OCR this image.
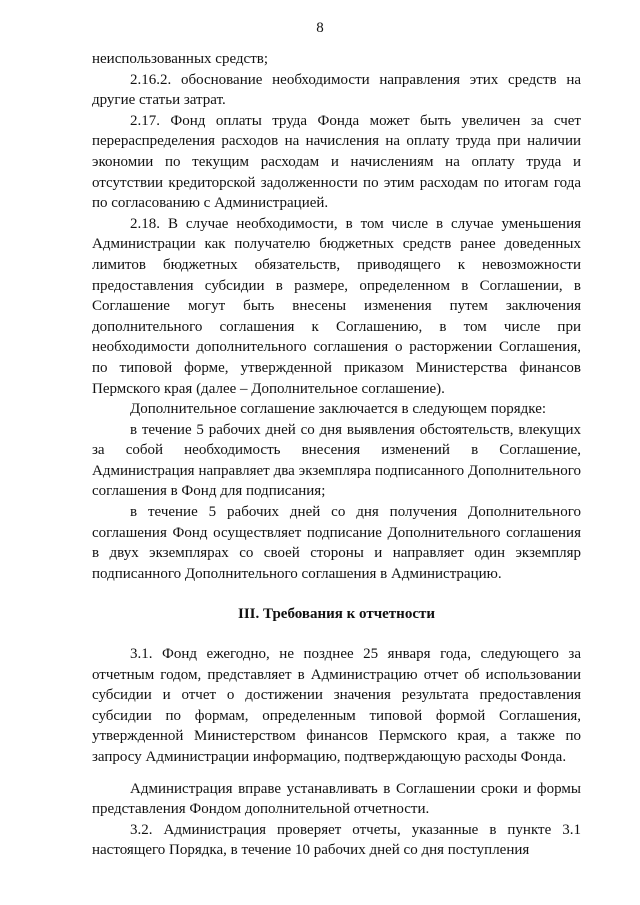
8

неиспользованных средств;

2.16.2. обоснование необходимости направления этих средств на другие статьи затрат.

2.17. Фонд оплаты труда Фонда может быть увеличен за счет перераспределения расходов на начисления на оплату труда при наличии экономии по текущим расходам и начислениям на оплату труда и отсутствии кредиторской задолженности по этим расходам по итогам года по согласованию с Администрацией.

2.18. В случае необходимости, в том числе в случае уменьшения Администрации как получателю бюджетных средств ранее доведенных лимитов бюджетных обязательств, приводящего к невозможности предоставления субсидии в размере, определенном в Соглашении, в Соглашение могут быть внесены изменения путем заключения дополнительного соглашения к Соглашению, в том числе при необходимости дополнительного соглашения о расторжении Соглашения, по типовой форме, утвержденной приказом Министерства финансов Пермского края (далее – Дополнительное соглашение).

Дополнительное соглашение заключается в следующем порядке:

в течение 5 рабочих дней со дня выявления обстоятельств, влекущих за собой необходимость внесения изменений в Соглашение, Администрация направляет два экземпляра подписанного Дополнительного соглашения в Фонд для подписания;

в течение 5 рабочих дней со дня получения Дополнительного соглашения Фонд осуществляет подписание Дополнительного соглашения в двух экземплярах со своей стороны и направляет один экземпляр подписанного Дополнительного соглашения в Администрацию.

III. Требования к отчетности

3.1. Фонд ежегодно, не позднее 25 января года, следующего за отчетным годом, представляет в Администрацию отчет об использовании субсидии и отчет о достижении значения результата предоставления субсидии по формам, определенным типовой формой Соглашения, утвержденной Министерством финансов Пермского края, а также по запросу Администрации информацию, подтверждающую расходы Фонда.

Администрация вправе устанавливать в Соглашении сроки и формы представления Фондом дополнительной отчетности.

3.2. Администрация проверяет отчеты, указанные в пункте 3.1 настоящего Порядка, в течение 10 рабочих дней со дня поступления
